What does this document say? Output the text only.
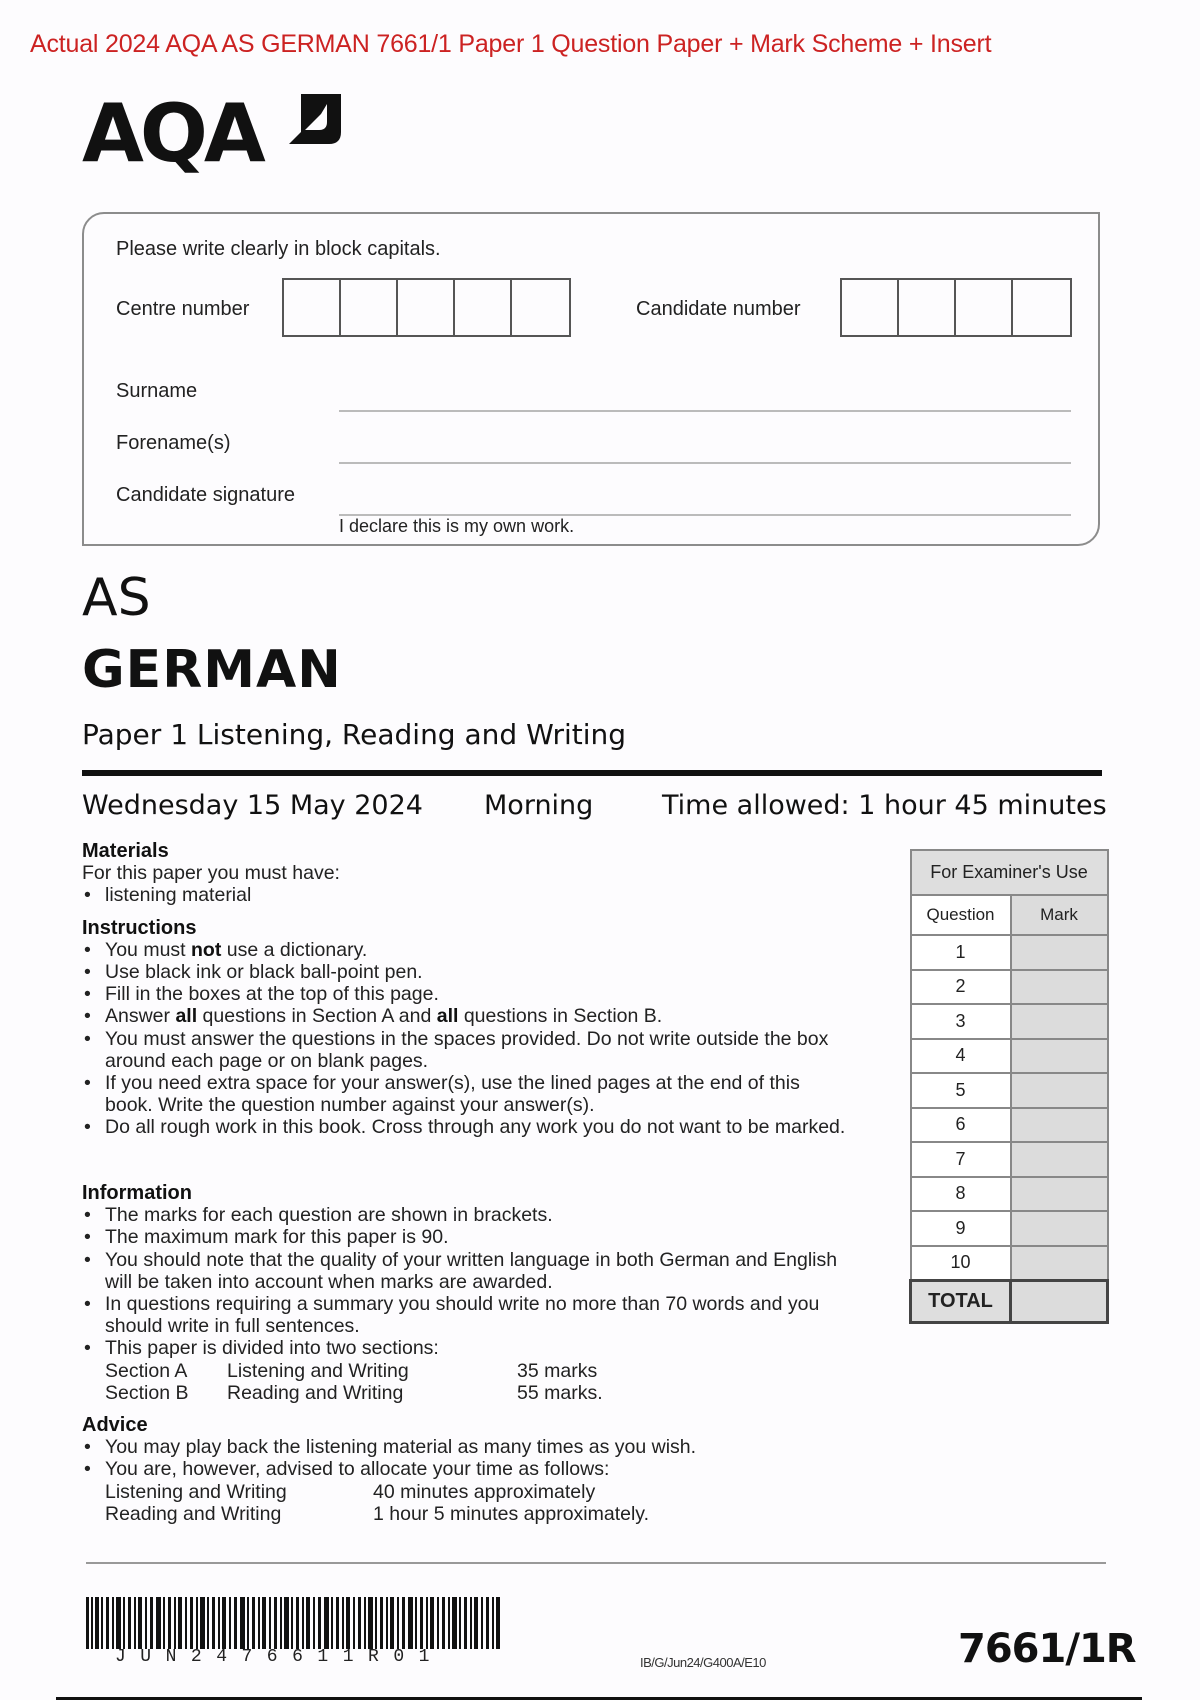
Actual 2024 AQA AS GERMAN 7661/1 Paper 1 Question Paper + Mark Scheme + Insert
AQA
Please write clearly in block capitals.
Centre number	Candidate number
Surname
Forename(s)
Candidate signature
I declare this is my own work.
AS
GERMAN
Paper 1 Listening, Reading and Writing
Wednesday 15 May 2024 Morning	Time allowed: 1 hour 45 minutes
Materials
For this paper you must have:
• listening material
Instructions
• You must not use a dictionary.
• Use black ink or black ball-point pen.
• Fill in the boxes at the top of this page.
• Answer all questions in Section A and all questions in Section B.
• You must answer the questions in the spaces provided. Do not write outside the box around each page or on blank pages.
• If you need extra space for your answer(s), use the lined pages at the end of this book. Write the question number against your answer(s).
• Do all rough work in this book. Cross through any work you do not want to be marked.
Information
• The marks for each question are shown in brackets.
• The maximum mark for this paper is 90.
• You should note that the quality of your written language in both German and English will be taken into account when marks are awarded.
• In questions requiring a summary you should write no more than 70 words and you should write in full sentences.
• This paper is divided into two sections:
Section A	Listening and Writing	35 marks
Section B	Reading and Writing	55 marks.
Advice
• You may play back the listening material as many times as you wish.
• You are, however, advised to allocate your time as follows:
Listening and Writing	40 minutes approximately
Reading and Writing	1 hour 5 minutes approximately.
For Examiner's Use	
Question	Mark
1	
2	
3	
4	
5	
6	
7	
8	
9	
10	
TOTAL	
JUN2476611R01	IB/G/Jun24/G400A/E10	7661/1R
